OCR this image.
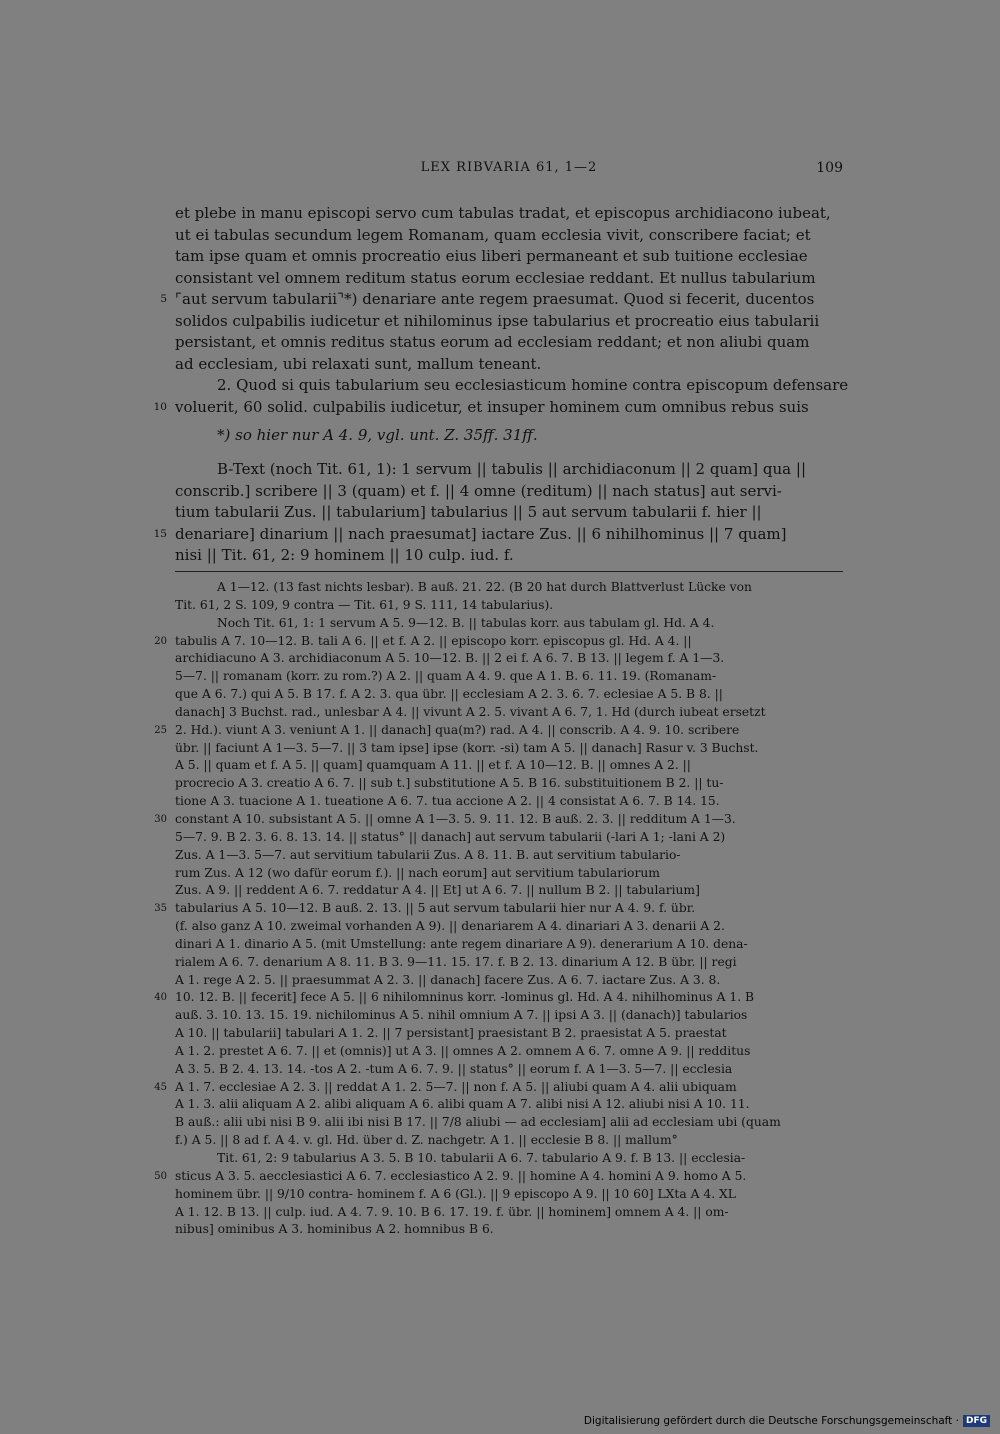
LEX RIBVARIA 61, 1—2	109
et plebe in manu episcopi servo cum tabulas tradat, et episcopus archidiacono iubeat,
ut ei tabulas secundum legem Romanam, quam ecclesia vivit, conscribere faciat; et
tam ipse quam et omnis procreatio eius liberi permaneant et sub tuitione ecclesiae
consistant vel omnem reditum status eorum ecclesiae reddant. Et nullus tabularium
5 ⌜aut servum tabularii⌝*) denariare ante regem praesumat. Quod si fecerit, ducentos
solidos culpabilis iudicetur et nihilominus ipse tabularius et procreatio eius tabularii
persistant, et omnis reditus status eorum ad ecclesiam reddant; et non aliubi quam
ad ecclesiam, ubi relaxati sunt, mallum teneant.
2. Quod si quis tabularium seu ecclesiasticum homine contra episcopum defensare
10 voluerit, 60 solid. culpabilis iudicetur, et insuper hominem cum omnibus rebus suis
*) so hier nur A 4. 9, vgl. unt. Z. 35ff. 31ff.
B-Text (noch Tit. 61, 1): 1 servum || tabulis || archidiaconum || 2 quam] qua ||
conscrib.] scribere || 3 (quam) et f. || 4 omne (reditum) || nach status] aut servi-
tium tabularii Zus. || tabularium] tabularius || 5 aut servum tabularii f. hier ||
15 denariare] dinarium || nach praesumat] iactare Zus. || 6 nihilhominus || 7 quam]
nisi || Tit. 61, 2: 9 hominem || 10 culp. iud. f.
A 1—12. (13 fast nichts lesbar). B auß. 21. 22. (B 20 hat durch Blattverlust Lücke von
Tit. 61, 2 S. 109, 9 contra — Tit. 61, 9 S. 111, 14 tabularius).
Noch Tit. 61, 1: 1 servum A 5. 9—12. B. || tabulas korr. aus tabulam gl. Hd. A 4.
20 tabulis A 7. 10—12. B. tali A 6. || et f. A 2. || episcopo korr. episcopus gl. Hd. A 4. ||
archidiacuno A 3. archidiaconum A 5. 10—12. B. || 2 ei f. A 6. 7. B 13. || legem f. A 1—3.
5—7. || romanam (korr. zu rom.?) A 2. || quam A 4. 9. que A 1. B. 6. 11. 19. (Romanam-
que A 6. 7.) qui A 5. B 17. f. A 2. 3. qua übr. || ecclesiam A 2. 3. 6. 7. eclesiae A 5. B 8. ||
danach] 3 Buchst. rad., unlesbar A 4. || vivunt A 2. 5. vivant A 6. 7, 1. Hd (durch iubeat ersetzt
25 2. Hd.). viunt A 3. veniunt A 1. || danach] qua(m?) rad. A 4. || conscrib. A 4. 9. 10. scribere
übr. || faciunt A 1—3. 5—7. || 3 tam ipse] ipse (korr. -si) tam A 5. || danach] Rasur v. 3 Buchst.
A 5. || quam et f. A 5. || quam] quamquam A 11. || et f. A 10—12. B. || omnes A 2. ||
procrecio A 3. creatio A 6. 7. || sub t.] substitutione A 5. B 16. substituitionem B 2. || tu-
tione A 3. tuacione A 1. tueatione A 6. 7. tua accione A 2. || 4 consistat A 6. 7. B 14. 15.
30 constant A 10. subsistant A 5. || omne A 1—3. 5. 9. 11. 12. B auß. 2. 3. || redditum A 1—3.
5—7. 9. B 2. 3. 6. 8. 13. 14. || status° || danach] aut servum tabularii (-lari A 1; -lani A 2)
Zus. A 1—3. 5—7. aut servitium tabularii Zus. A 8. 11. B. aut servitium tabulario-
rum Zus. A 12 (wo dafür eorum f.). || nach eorum] aut servitium tabulariorum
Zus. A 9. || reddent A 6. 7. reddatur A 4. || Et] ut A 6. 7. || nullum B 2. || tabularium]
35 tabularius A 5. 10—12. B auß. 2. 13. || 5 aut servum tabularii hier nur A 4. 9. f. übr.
(f. also ganz A 10. zweimal vorhanden A 9). || denariarem A 4. dinariari A 3. denarii A 2.
dinari A 1. dinario A 5. (mit Umstellung: ante regem dinariare A 9). denerarium A 10. dena-
rialem A 6. 7. denarium A 8. 11. B 3. 9—11. 15. 17. f. B 2. 13. dinarium A 12. B übr. || regi
A 1. rege A 2. 5. || praesummat A 2. 3. || danach] facere Zus. A 6. 7. iactare Zus. A 3. 8.
40 10. 12. B. || fecerit] fece A 5. || 6 nihilomninus korr. -lominus gl. Hd. A 4. nihilhominus A 1. B
auß. 3. 10. 13. 15. 19. nichilominus A 5. nihil omnium A 7. || ipsi A 3. || (danach)] tabularios
A 10. || tabularii] tabulari A 1. 2. || 7 persistant] praesistant B 2. praesistat A 5. praestat
A 1. 2. prestet A 6. 7. || et (omnis)] ut A 3. || omnes A 2. omnem A 6. 7. omne A 9. || redditus
A 3. 5. B 2. 4. 13. 14. -tos A 2. -tum A 6. 7. 9. || status° || eorum f. A 1—3. 5—7. || ecclesia
45 A 1. 7. ecclesiae A 2. 3. || reddat A 1. 2. 5—7. || non f. A 5. || aliubi quam A 4. alii ubiquam
A 1. 3. alii aliquam A 2. alibi aliquam A 6. alibi quam A 7. alibi nisi A 12. aliubi nisi A 10. 11.
B auß.: alii ubi nisi B 9. alii ibi nisi B 17. || 7/8 aliubi — ad ecclesiam] alii ad ecclesiam ubi (quam
f.) A 5. || 8 ad f. A 4. v. gl. Hd. über d. Z. nachgetr. A 1. || ecclesie B 8. || mallum°
Tit. 61, 2: 9 tabularius A 3. 5. B 10. tabularii A 6. 7. tabulario A 9. f. B 13. || ecclesia-
50 sticus A 3. 5. aecclesiastici A 6. 7. ecclesiastico A 2. 9. || homine A 4. homini A 9. homo A 5.
hominem übr. || 9/10 contra- hominem f. A 6 (Gl.). || 9 episcopo A 9. || 10 60] LXta A 4. XL
A 1. 12. B 13. || culp. iud. A 4. 7. 9. 10. B 6. 17. 19. f. übr. || hominem] omnem A 4. || om-
nibus] ominibus A 3. hominibus A 2. homnibus B 6.
Digitalisierung gefördert durch die Deutsche Forschungsgemeinschaft · DFG
